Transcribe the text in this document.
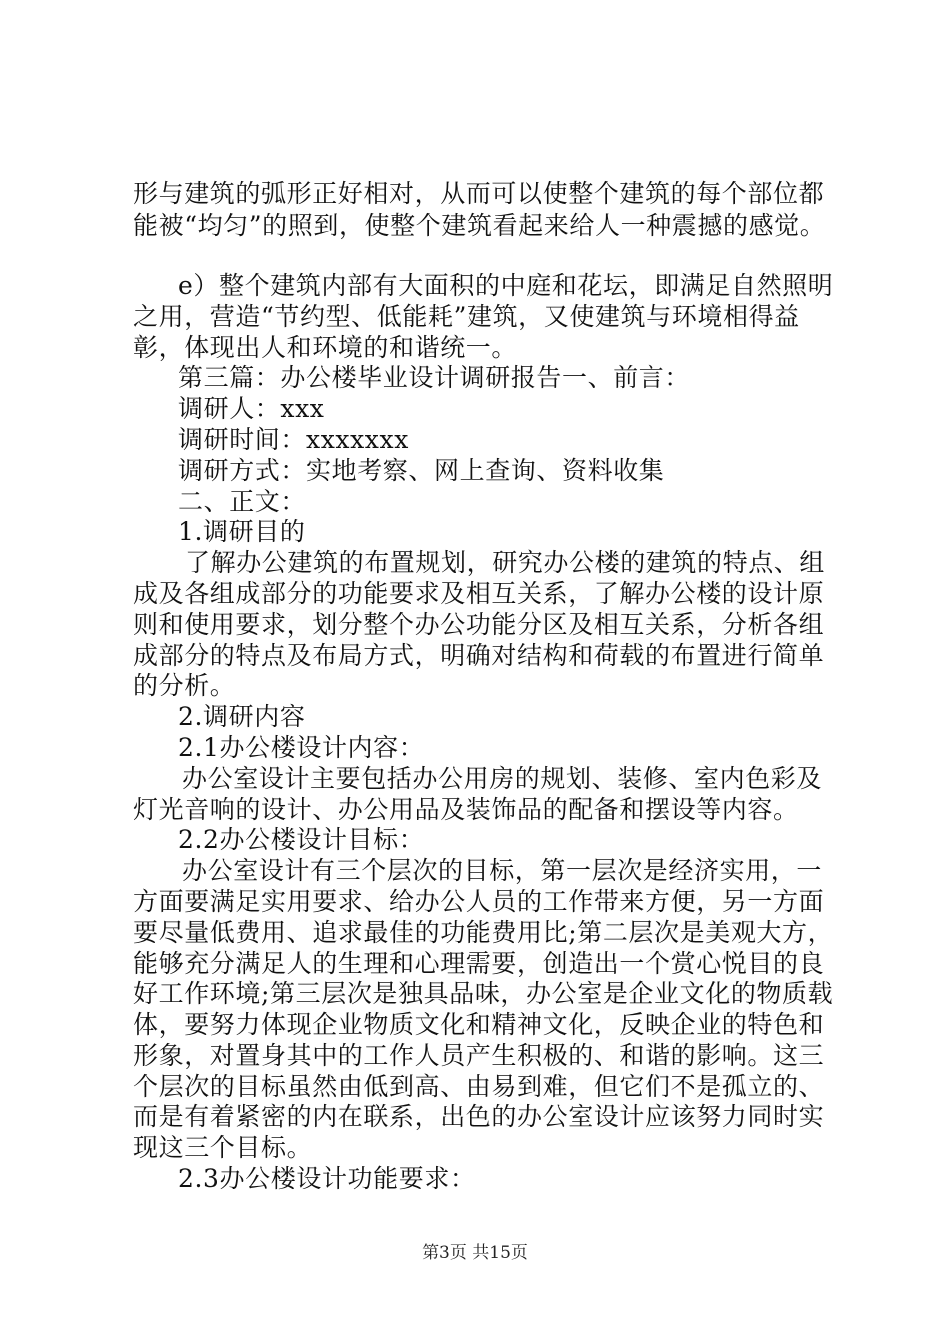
形与建筑的弧形正好相对，从而可以使整个建筑的每个部位都
能被“均匀”的照到，使整个建筑看起来给人一种震撼的感觉。
e）整个建筑内部有大面积的中庭和花坛，即满足自然照明
之用，营造“节约型、低能耗”建筑，又使建筑与环境相得益
彰，体现出人和环境的和谐统一。
第三篇：办公楼毕业设计调研报告一、前言：
调研人：xxx
调研时间：xxxxxxx
调研方式：实地考察、网上查询、资料收集
二、正文：
1.调研目的
了解办公建筑的布置规划，研究办公楼的建筑的特点、组
成及各组成部分的功能要求及相互关系，了解办公楼的设计原
则和使用要求，划分整个办公功能分区及相互关系，分析各组
成部分的特点及布局方式，明确对结构和荷载的布置进行简单
的分析。
2.调研内容
2.1办公楼设计内容：
办公室设计主要包括办公用房的规划、装修、室内色彩及
灯光音响的设计、办公用品及装饰品的配备和摆设等内容。
2.2办公楼设计目标：
办公室设计有三个层次的目标，第一层次是经济实用，一
方面要满足实用要求、给办公人员的工作带来方便，另一方面
要尽量低费用、追求最佳的功能费用比;第二层次是美观大方，
能够充分满足人的生理和心理需要，创造出一个赏心悦目的良
好工作环境;第三层次是独具品味，办公室是企业文化的物质载
体，要努力体现企业物质文化和精神文化，反映企业的特色和
形象，对置身其中的工作人员产生积极的、和谐的影响。这三
个层次的目标虽然由低到高、由易到难，但它们不是孤立的、
而是有着紧密的内在联系，出色的办公室设计应该努力同时实
现这三个目标。
2.3办公楼设计功能要求：
第3页 共15页
